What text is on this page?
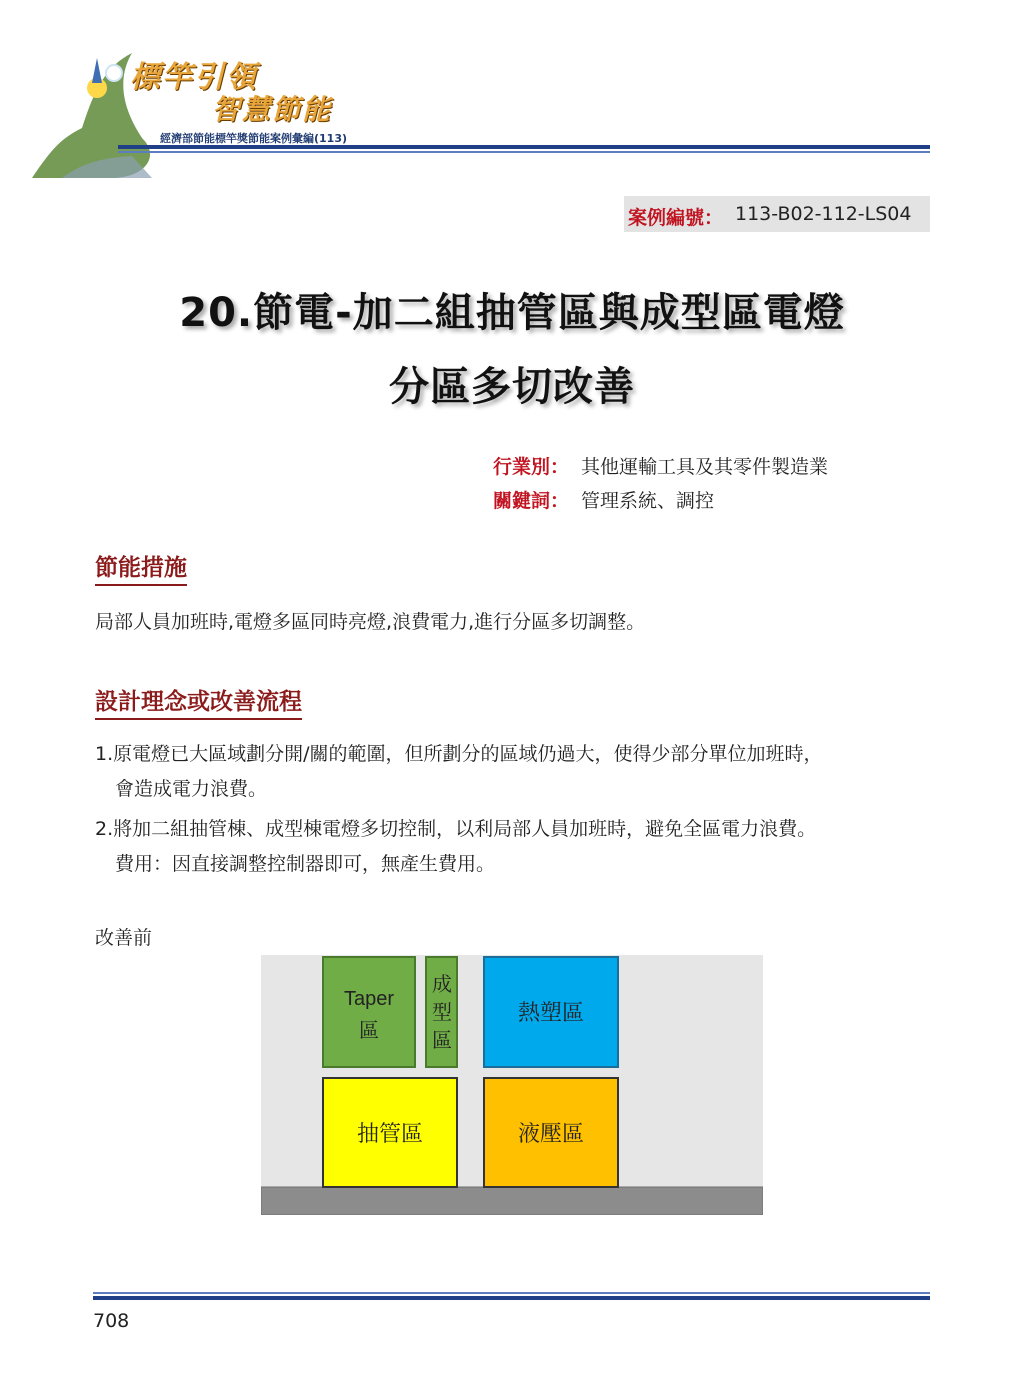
標竿引領
智慧節能
經濟部節能標竿獎節能案例彙編(113)
案例編號： 113-B02-112-LS04
20.節電-加二組抽管區與成型區電燈
分區多切改善
行業別： 其他運輸工具及其零件製造業
關鍵詞： 管理系統、調控
節能措施
局部人員加班時,電燈多區同時亮燈,浪費電力,進行分區多切調整。
設計理念或改善流程
1.原電燈已大區域劃分開/關的範圍，但所劃分的區域仍過大，使得少部分單位加班時，
會造成電力浪費。
2.將加二組抽管棟、成型棟電燈多切控制，以利局部人員加班時，避免全區電力浪費。
費用：因直接調整控制器即可，無產生費用。
改善前
Taper
區
成
型
區
熱塑區
抽管區	液壓區
708
